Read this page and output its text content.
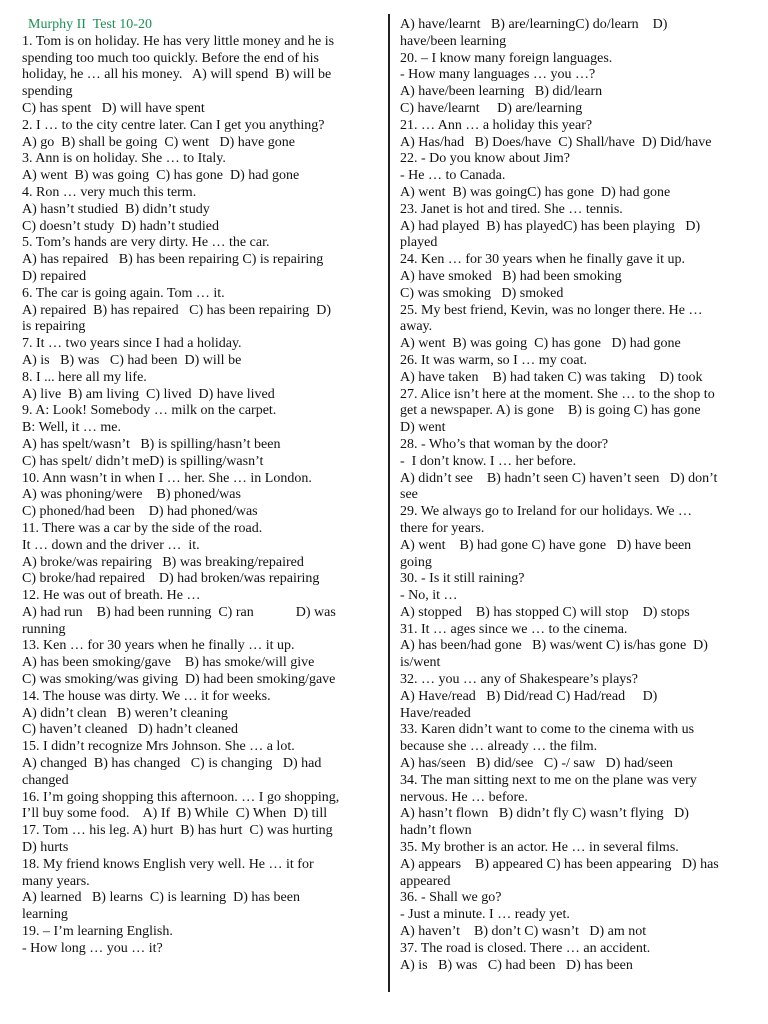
Murphy II  Test 10-20
1. Tom is on holiday. He has very little money and he is
spending too much too quickly. Before the end of his
holiday, he … all his money.   A) will spend  B) will be
spending
C) has spent   D) will have spent
2. I … to the city centre later. Can I get you anything?
A) go  B) shall be going  C) went   D) have gone
3. Ann is on holiday. She … to Italy.
A) went  B) was going  C) has gone  D) had gone
4. Ron … very much this term.
A) hasn’t studied  B) didn’t study
C) doesn’t study  D) hadn’t studied
5. Tom’s hands are very dirty. He … the car.
A) has repaired   B) has been repairing C) is repairing
D) repaired
6. The car is going again. Tom … it.
A) repaired  B) has repaired   C) has been repairing  D)
is repairing
7. It … two years since I had a holiday.
A) is   B) was   C) had been  D) will be
8. I ... here all my life.
A) live  B) am living  C) lived  D) have lived
9. A: Look! Somebody … milk on the carpet.
B: Well, it … me.
A) has spelt/wasn’t   B) is spilling/hasn’t been
C) has spelt/ didn’t meD) is spilling/wasn’t
10. Ann wasn’t in when I … her. She … in London.
A) was phoning/were    B) phoned/was
C) phoned/had been    D) had phoned/was
11. There was a car by the side of the road.
It … down and the driver …  it.
A) broke/was repairing   B) was breaking/repaired
C) broke/had repaired    D) had broken/was repairing
12. He was out of breath. He …
A) had run    B) had been running  C) ran            D) was
running
13. Ken … for 30 years when he finally … it up.
A) has been smoking/gave    B) has smoke/will give
C) was smoking/was giving  D) had been smoking/gave
14. The house was dirty. We … it for weeks.
A) didn’t clean   B) weren’t cleaning
C) haven’t cleaned   D) hadn’t cleaned
15. I didn’t recognize Mrs Johnson. She … a lot.
A) changed  B) has changed   C) is changing   D) had
changed
16. I’m going shopping this afternoon. … I go shopping,
I’ll buy some food.    A) If  B) While  C) When  D) till
17. Tom … his leg. A) hurt  B) has hurt  C) was hurting
D) hurts
18. My friend knows English very well. He … it for
many years.
A) learned   B) learns  C) is learning  D) has been
learning
19. – I’m learning English.
- How long … you … it?
A) have/learnt   B) are/learningC) do/learn    D)
have/been learning
20. – I know many foreign languages.
- How many languages … you …?
A) have/been learning   B) did/learn
C) have/learnt     D) are/learning
21. … Ann … a holiday this year?
A) Has/had   B) Does/have  C) Shall/have  D) Did/have
22. - Do you know about Jim?
- He … to Canada.
A) went  B) was goingC) has gone  D) had gone
23. Janet is hot and tired. She … tennis.
A) had played  B) has playedC) has been playing   D)
played
24. Ken … for 30 years when he finally gave it up.
A) have smoked   B) had been smoking
C) was smoking   D) smoked
25. My best friend, Kevin, was no longer there. He …
away.
A) went  B) was going  C) has gone   D) had gone
26. It was warm, so I … my coat.
A) have taken    B) had taken C) was taking    D) took
27. Alice isn’t here at the moment. She … to the shop to
get a newspaper. A) is gone    B) is going C) has gone
D) went
28. - Who’s that woman by the door?
-  I don’t know. I … her before.
A) didn’t see    B) hadn’t seen C) haven’t seen   D) don’t
see
29. We always go to Ireland for our holidays. We …
there for years.
A) went    B) had gone C) have gone   D) have been
going
30. - Is it still raining?
- No, it …
A) stopped    B) has stopped C) will stop    D) stops
31. It … ages since we … to the cinema.
A) has been/had gone   B) was/went C) is/has gone  D)
is/went
32. … you … any of Shakespeare’s plays?
A) Have/read   B) Did/read C) Had/read     D)
Have/readed
33. Karen didn’t want to come to the cinema with us
because she … already … the film.
A) has/seen   B) did/see   C) -/ saw   D) had/seen
34. The man sitting next to me on the plane was very
nervous. He … before.
A) hasn’t flown   B) didn’t fly C) wasn’t flying   D)
hadn’t flown
35. My brother is an actor. He … in several films.
A) appears    B) appeared C) has been appearing   D) has
appeared
36. - Shall we go?
- Just a minute. I … ready yet.
A) haven’t    B) don’t C) wasn’t   D) am not
37. The road is closed. There … an accident.
A) is   B) was   C) had been   D) has been
